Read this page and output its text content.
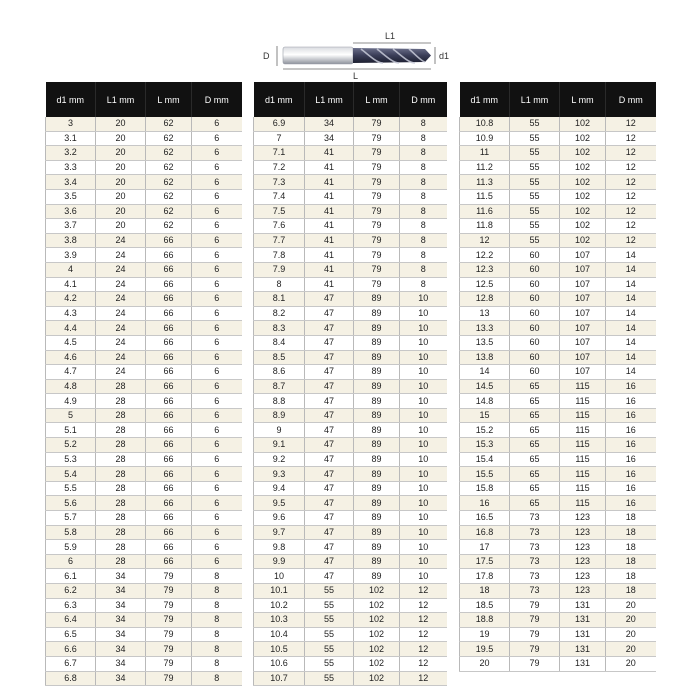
D
L1
d1
L
d1 mm	L1 mm	L mm	D mm
3	20	62	6
3.1	20	62	6
3.2	20	62	6
3.3	20	62	6
3.4	20	62	6
3.5	20	62	6
3.6	20	62	6
3.7	20	62	6
3.8	24	66	6
3.9	24	66	6
4	24	66	6
4.1	24	66	6
4.2	24	66	6
4.3	24	66	6
4.4	24	66	6
4.5	24	66	6
4.6	24	66	6
4.7	24	66	6
4.8	28	66	6
4.9	28	66	6
5	28	66	6
5.1	28	66	6
5.2	28	66	6
5.3	28	66	6
5.4	28	66	6
5.5	28	66	6
5.6	28	66	6
5.7	28	66	6
5.8	28	66	6
5.9	28	66	6
6	28	66	6
6.1	34	79	8
6.2	34	79	8
6.3	34	79	8
6.4	34	79	8
6.5	34	79	8
6.6	34	79	8
6.7	34	79	8
6.8	34	79	8
d1 mm	L1 mm	L mm	D mm
6.9	34	79	8
7	34	79	8
7.1	41	79	8
7.2	41	79	8
7.3	41	79	8
7.4	41	79	8
7.5	41	79	8
7.6	41	79	8
7.7	41	79	8
7.8	41	79	8
7.9	41	79	8
8	41	79	8
8.1	47	89	10
8.2	47	89	10
8.3	47	89	10
8.4	47	89	10
8.5	47	89	10
8.6	47	89	10
8.7	47	89	10
8.8	47	89	10
8.9	47	89	10
9	47	89	10
9.1	47	89	10
9.2	47	89	10
9.3	47	89	10
9.4	47	89	10
9.5	47	89	10
9.6	47	89	10
9.7	47	89	10
9.8	47	89	10
9.9	47	89	10
10	47	89	10
10.1	55	102	12
10.2	55	102	12
10.3	55	102	12
10.4	55	102	12
10.5	55	102	12
10.6	55	102	12
10.7	55	102	12
d1 mm	L1 mm	L mm	D mm
10.8	55	102	12
10.9	55	102	12
11	55	102	12
11.2	55	102	12
11.3	55	102	12
11.5	55	102	12
11.6	55	102	12
11.8	55	102	12
12	55	102	12
12.2	60	107	14
12.3	60	107	14
12.5	60	107	14
12.8	60	107	14
13	60	107	14
13.3	60	107	14
13.5	60	107	14
13.8	60	107	14
14	60	107	14
14.5	65	115	16
14.8	65	115	16
15	65	115	16
15.2	65	115	16
15.3	65	115	16
15.4	65	115	16
15.5	65	115	16
15.8	65	115	16
16	65	115	16
16.5	73	123	18
16.8	73	123	18
17	73	123	18
17.5	73	123	18
17.8	73	123	18
18	73	123	18
18.5	79	131	20
18.8	79	131	20
19	79	131	20
19.5	79	131	20
20	79	131	20
